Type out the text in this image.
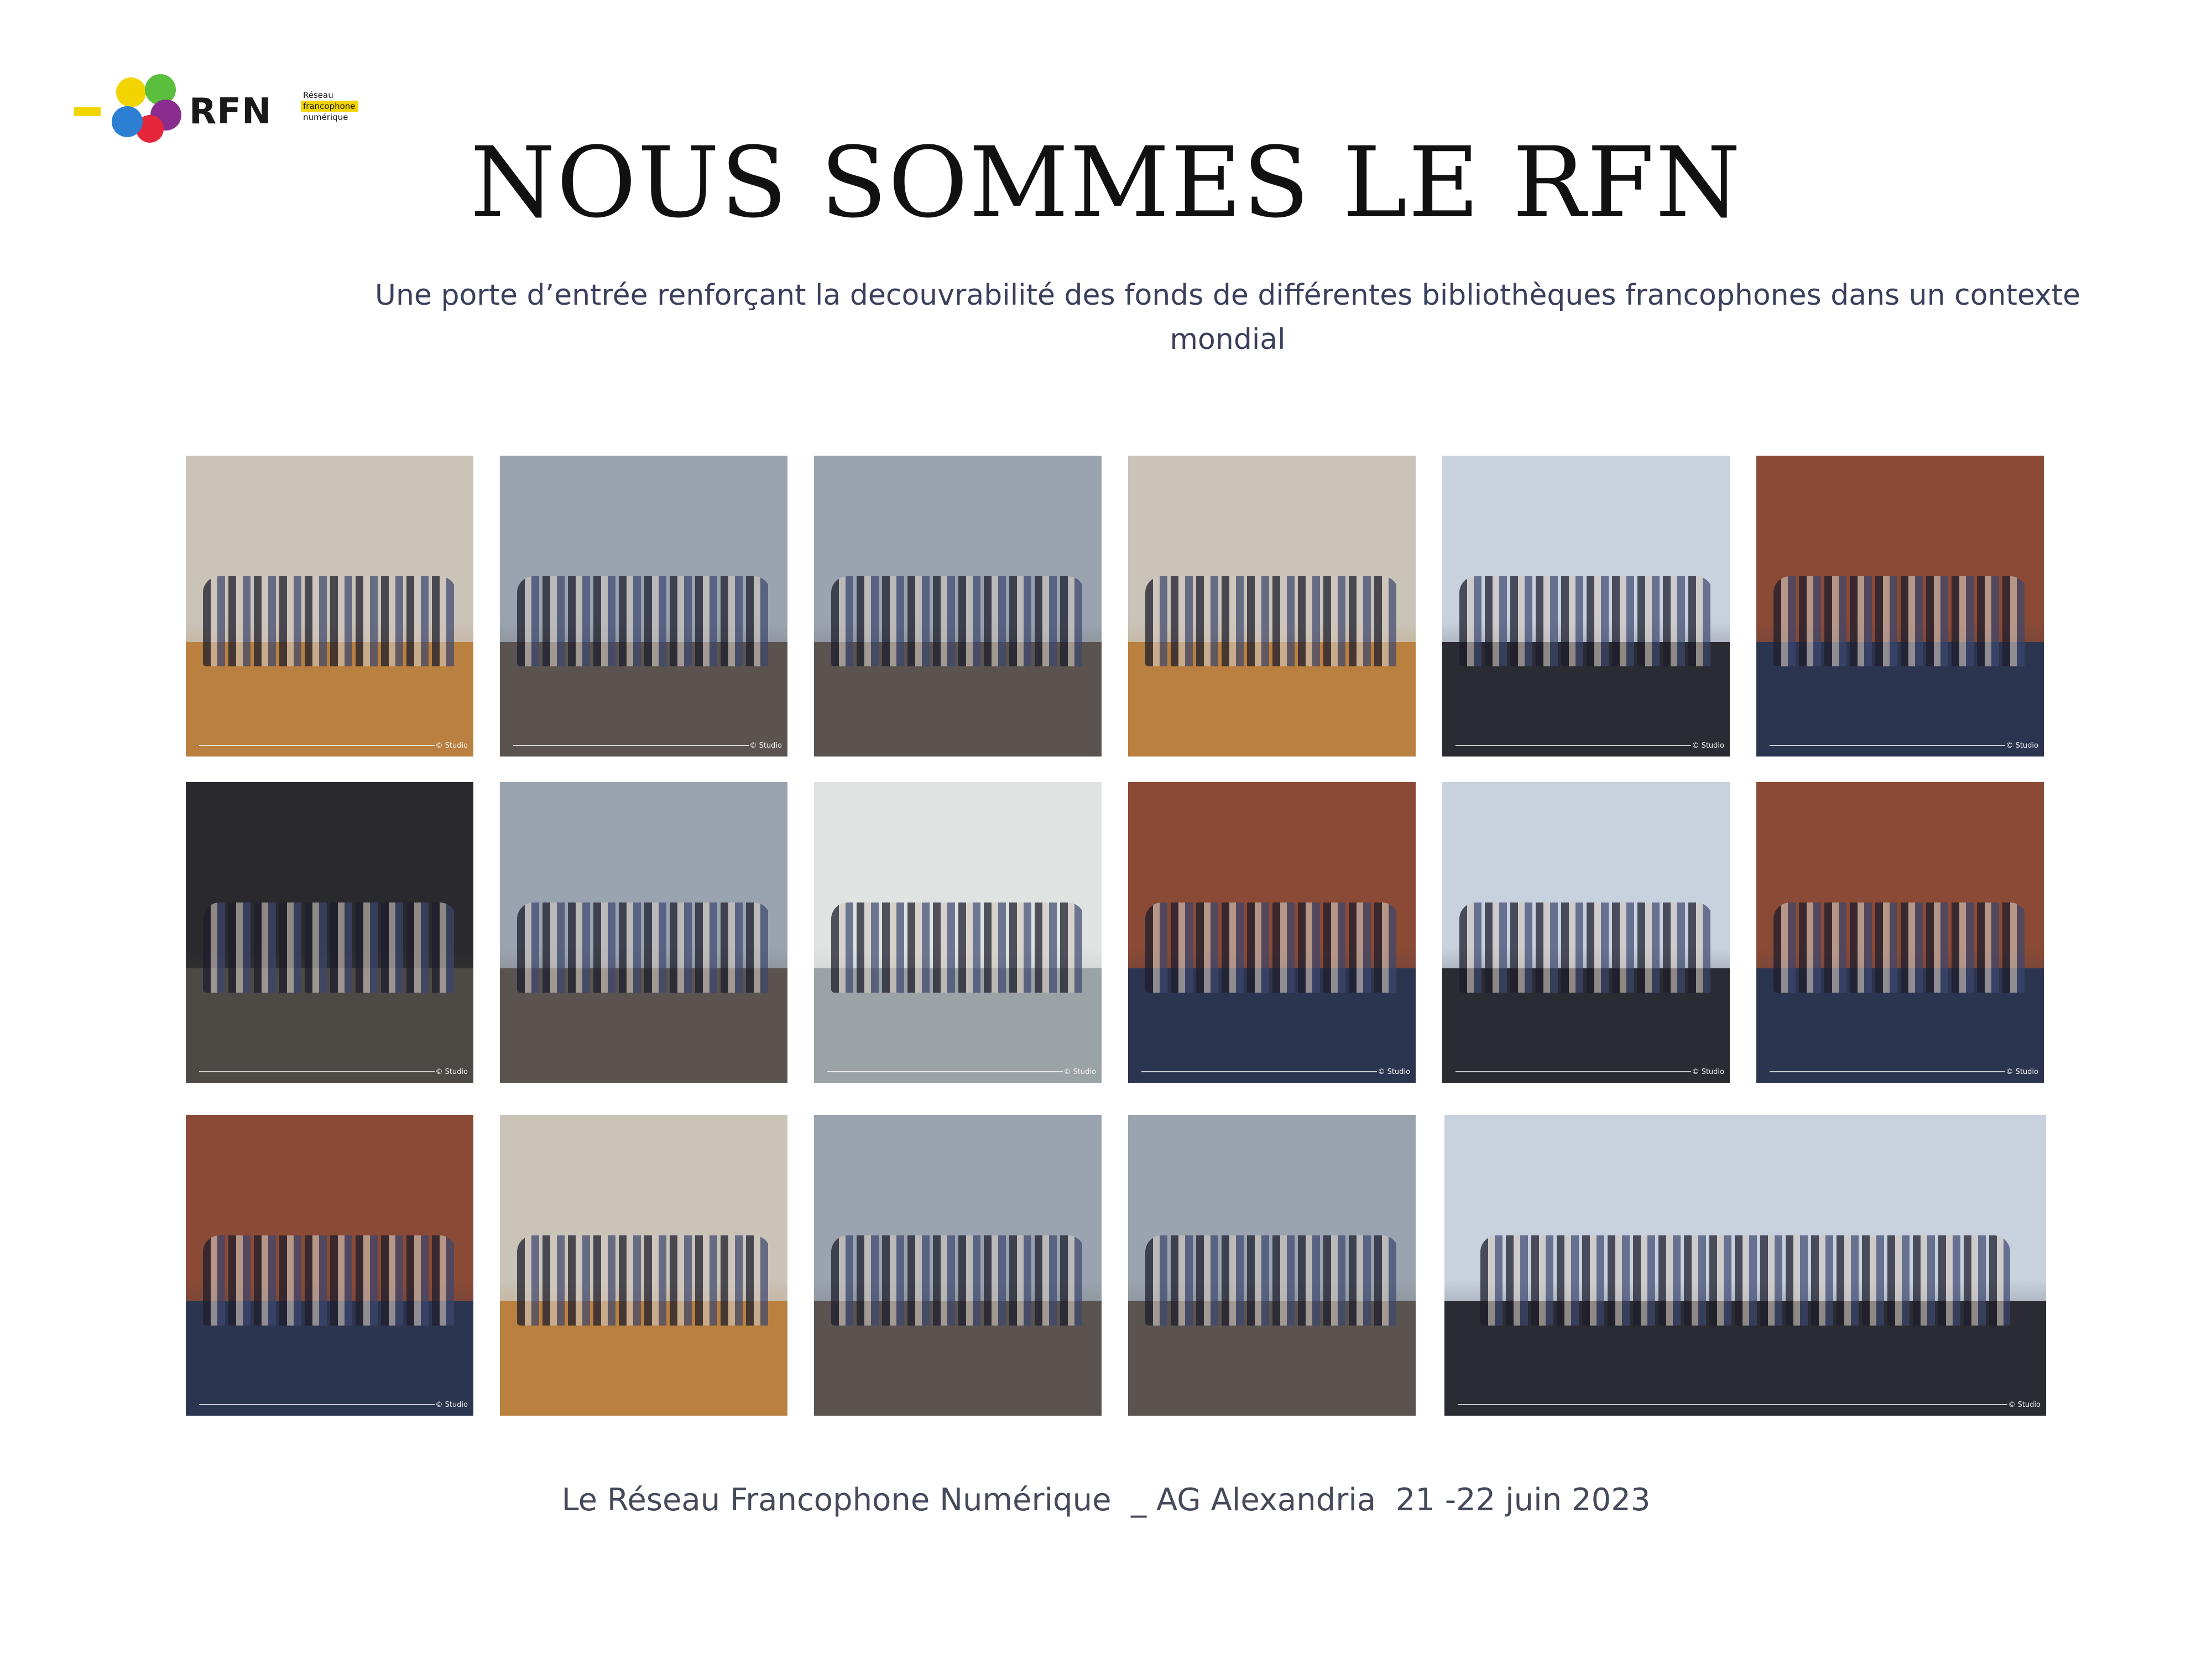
RFN	Réseau
francophone
numérique
NOUS SOMMES LE RFN

Une porte d’entrée renforçant la decouvrabilité des fonds de différentes bibliothèques francophones dans un contexte mondial

© Studio	© Studio	© Studio	© Studio
© Studio	© Studio	© Studio	© Studio	© Studio
© Studio	© Studio

Le Réseau Francophone Numérique  _ AG Alexandria  21 -22 juin 2023
